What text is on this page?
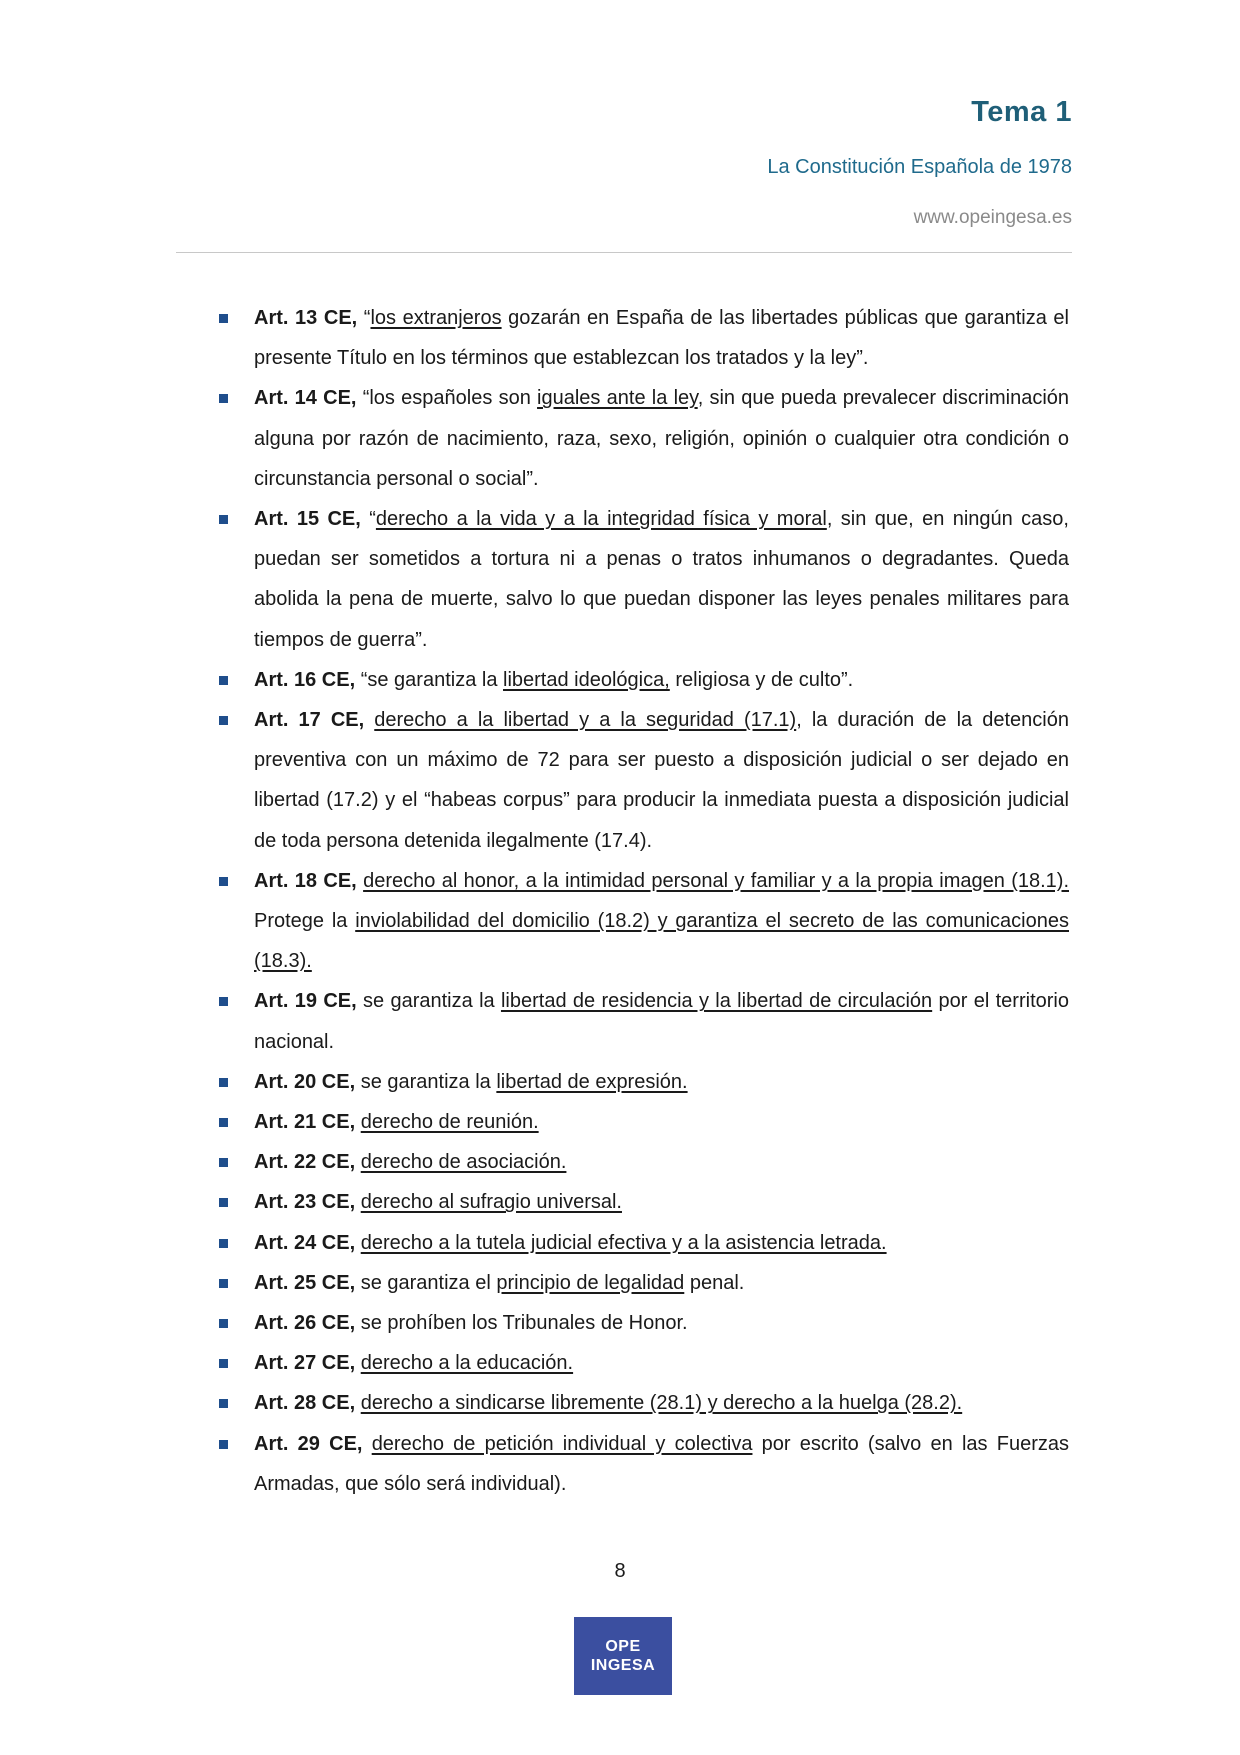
Tema 1
La Constitución Española de 1978
www.opeingesa.es
Art. 13 CE, “los extranjeros gozarán en España de las libertades públicas que garantiza el presente Título en los términos que establezcan los tratados y la ley”.
Art. 14 CE, “los españoles son iguales ante la ley, sin que pueda prevalecer discriminación alguna por razón de nacimiento, raza, sexo, religión, opinión o cualquier otra condición o circunstancia personal o social”.
Art. 15 CE, “derecho a la vida y a la integridad física y moral, sin que, en ningún caso, puedan ser sometidos a tortura ni a penas o tratos inhumanos o degradantes. Queda abolida la pena de muerte, salvo lo que puedan disponer las leyes penales militares para tiempos de guerra”.
Art. 16 CE, “se garantiza la libertad ideológica, religiosa y de culto”.
Art. 17 CE, derecho a la libertad y a la seguridad (17.1), la duración de la detención preventiva con un máximo de 72 para ser puesto a disposición judicial o ser dejado en libertad (17.2) y el “habeas corpus” para producir la inmediata puesta a disposición judicial de toda persona detenida ilegalmente (17.4).
Art. 18 CE, derecho al honor, a la intimidad personal y familiar y a la propia imagen (18.1). Protege la inviolabilidad del domicilio (18.2) y garantiza el secreto de las comunicaciones (18.3).
Art. 19 CE, se garantiza la libertad de residencia y la libertad de circulación por el territorio nacional.
Art. 20 CE, se garantiza la libertad de expresión.
Art. 21 CE, derecho de reunión.
Art. 22 CE, derecho de asociación.
Art. 23 CE, derecho al sufragio universal.
Art. 24 CE, derecho a la tutela judicial efectiva y a la asistencia letrada.
Art. 25 CE, se garantiza el principio de legalidad penal.
Art. 26 CE, se prohíben los Tribunales de Honor.
Art. 27 CE, derecho a la educación.
Art. 28 CE, derecho a sindicarse libremente (28.1) y derecho a la huelga (28.2).
Art. 29 CE, derecho de petición individual y colectiva por escrito (salvo en las Fuerzas Armadas, que sólo será individual).
8
OPE
INGESA
